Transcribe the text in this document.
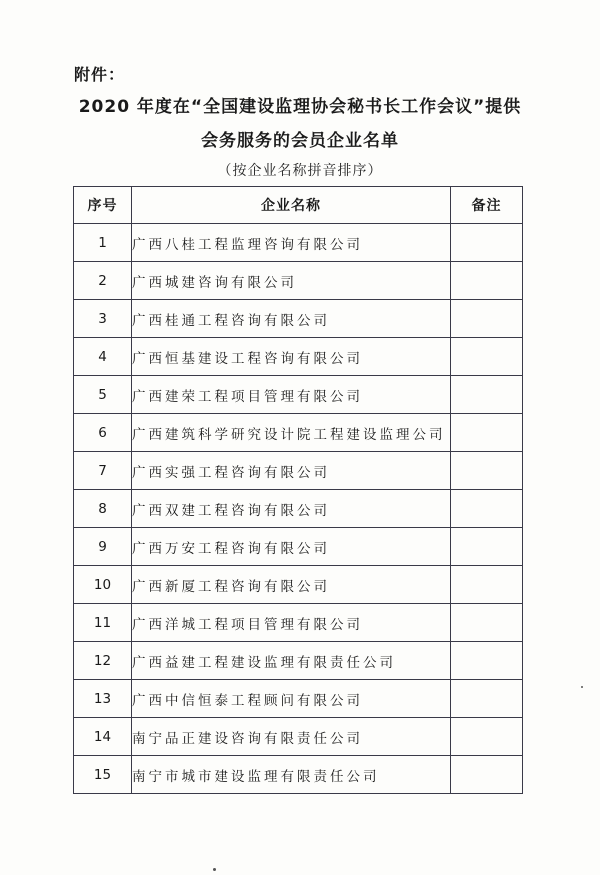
附件：
2020 年度在“全国建设监理协会秘书长工作会议”提供
会务服务的会员企业名单
（按企业名称拼音排序）
序号	企业名称	备注
1	广西八桂工程监理咨询有限公司	
2	广西城建咨询有限公司	
3	广西桂通工程咨询有限公司	
4	广西恒基建设工程咨询有限公司	
5	广西建荣工程项目管理有限公司	
6	广西建筑科学研究设计院工程建设监理公司	
7	广西实强工程咨询有限公司	
8	广西双建工程咨询有限公司	
9	广西万安工程咨询有限公司	
10	广西新厦工程咨询有限公司	
11	广西洋城工程项目管理有限公司	
12	广西益建工程建设监理有限责任公司	
13	广西中信恒泰工程顾问有限公司	
14	南宁品正建设咨询有限责任公司	
15	南宁市城市建设监理有限责任公司	
